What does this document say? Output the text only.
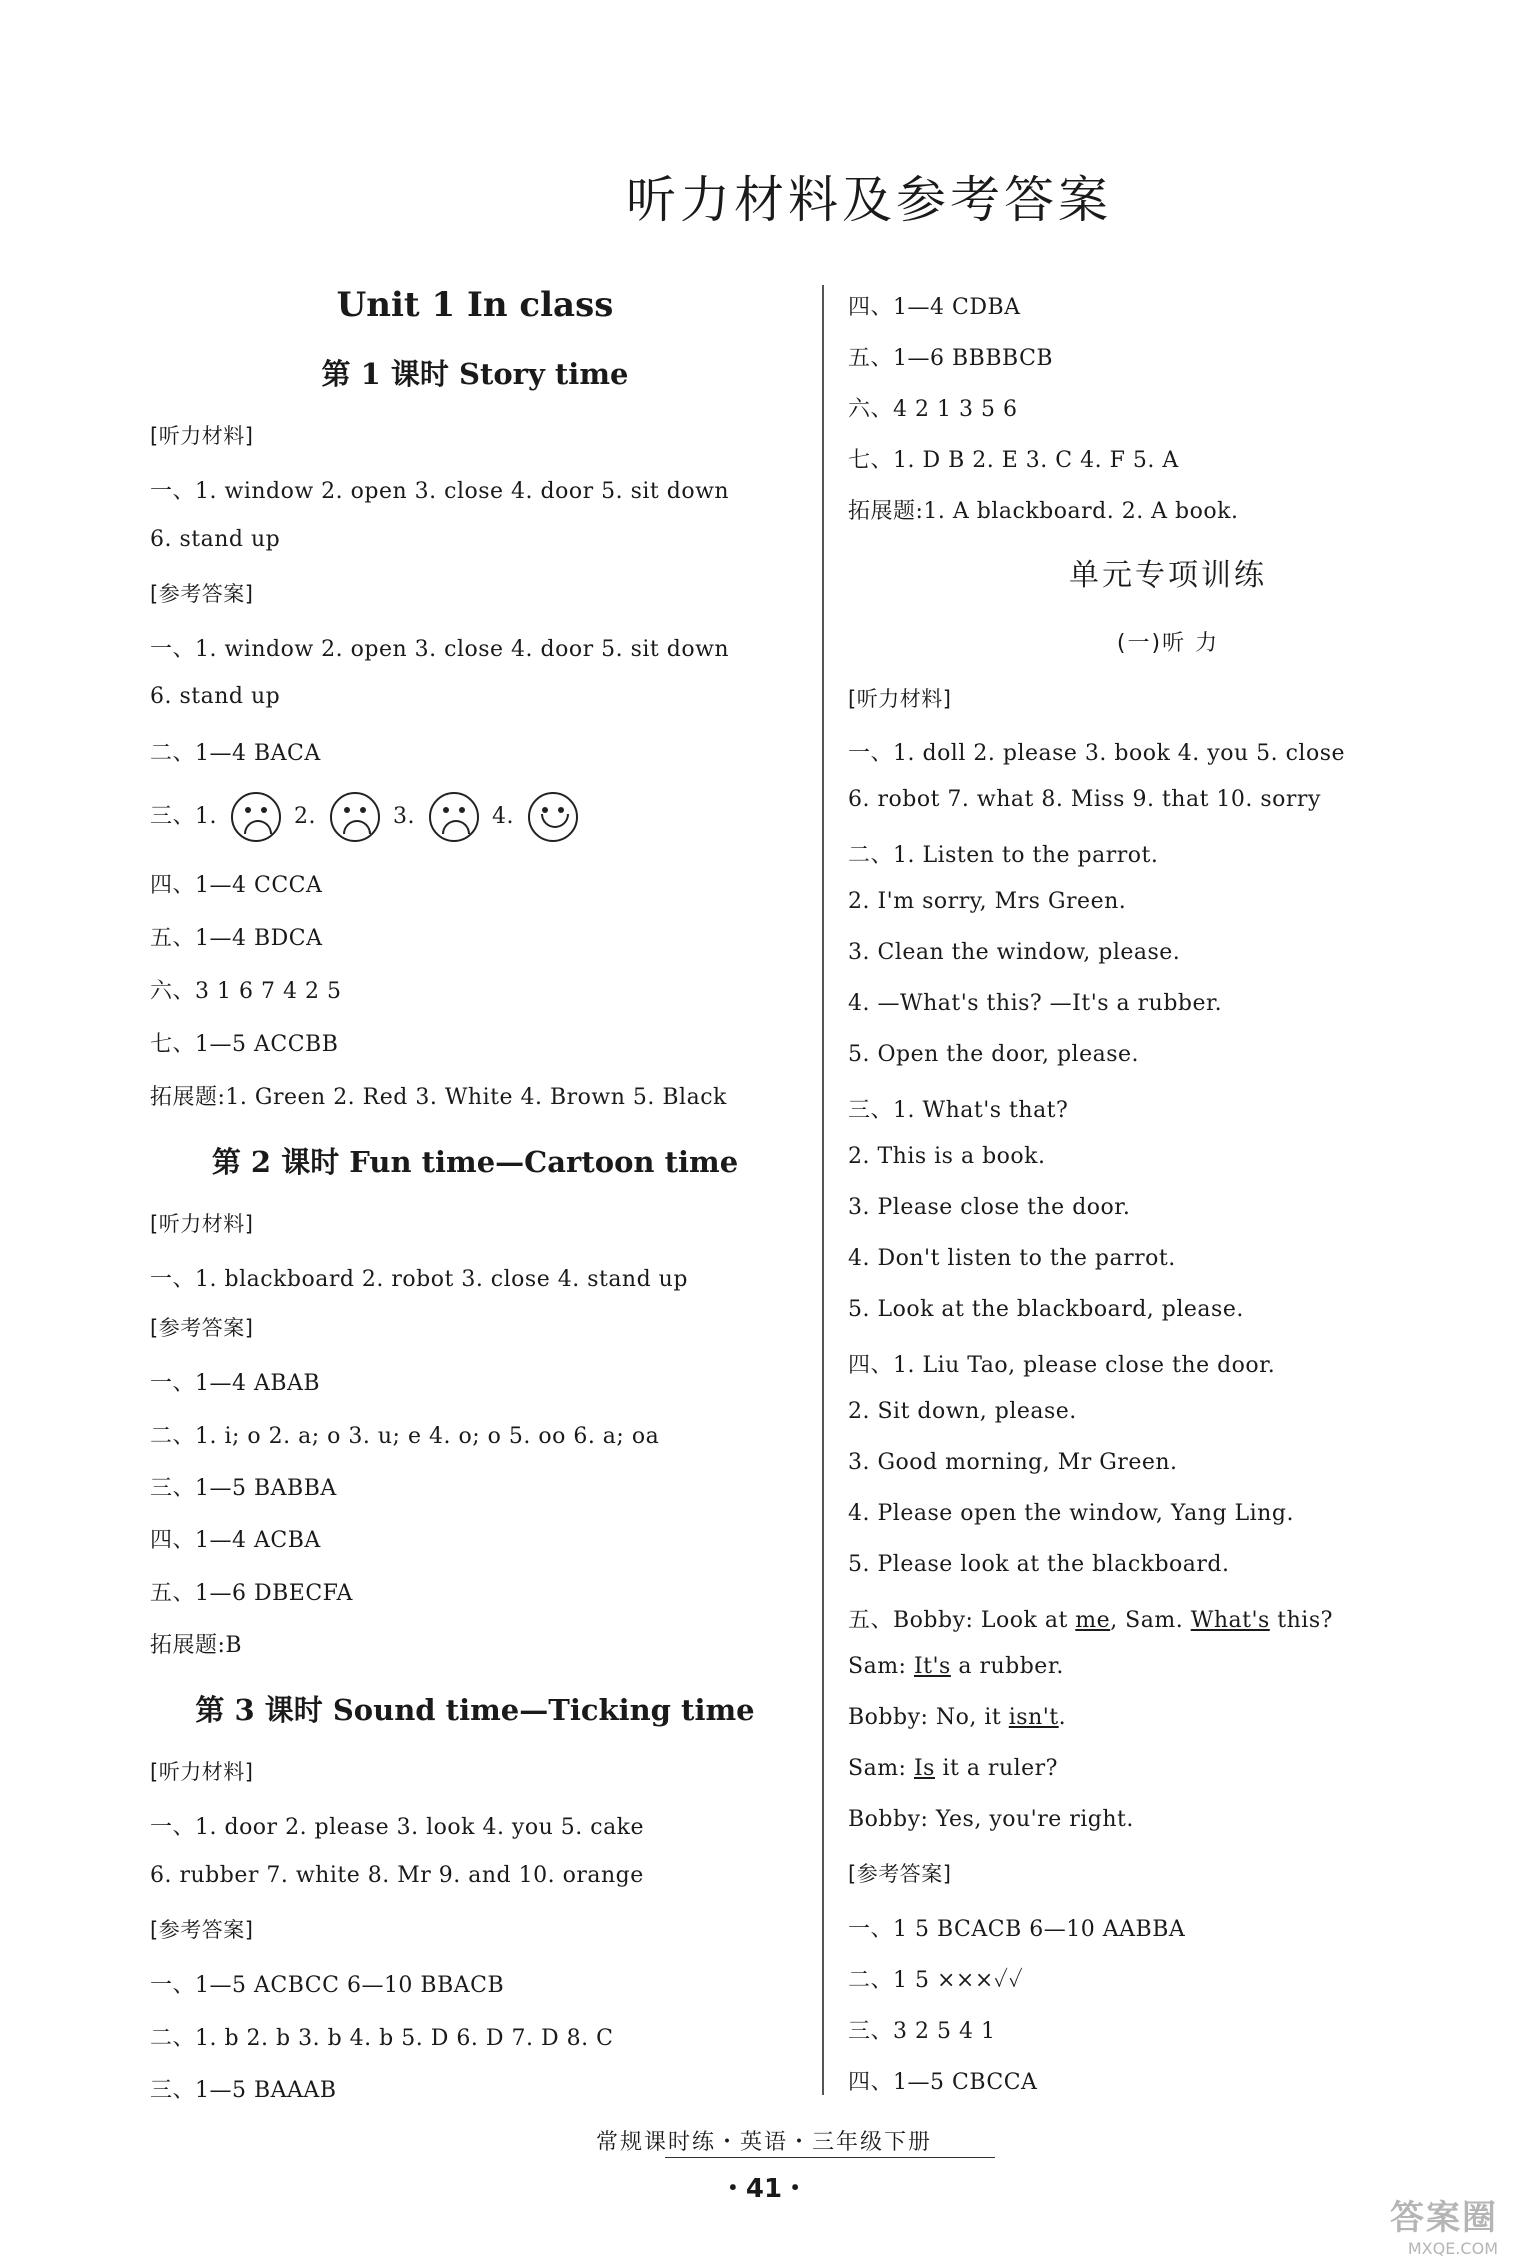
听力材料及参考答案
Unit 1 In class
第 1 课时 Story time
[听力材料]
一、1. window 2. open 3. close 4. door 5. sit down
6. stand up
[参考答案]
一、1. window 2. open 3. close 4. door 5. sit down
6. stand up
二、1—4 BACA
三、1.	2.	3.	4.
四、1—4 CCCA
五、1—4 BDCA
六、3 1 6 7 4 2 5
七、1—5 ACCBB
拓展题:1. Green 2. Red 3. White 4. Brown 5. Black
第 2 课时 Fun time—Cartoon time
[听力材料]
一、1. blackboard 2. robot 3. close 4. stand up
[参考答案]
一、1—4 ABAB
二、1. i; o 2. a; o 3. u; e 4. o; o 5. oo 6. a; oa
三、1—5 BABBA
四、1—4 ACBA
五、1—6 DBECFA
拓展题:B
第 3 课时 Sound time—Ticking time
[听力材料]
一、1. door 2. please 3. look 4. you 5. cake
6. rubber 7. white 8. Mr 9. and 10. orange
[参考答案]
一、1—5 ACBCC 6—10 BBACB
二、1. b 2. b 3. b 4. b 5. D 6. D 7. D 8. C
三、1—5 BAAAB
四、1—4 CDBA
五、1—6 BBBBCB
六、4 2 1 3 5 6
七、1. D B 2. E 3. C 4. F 5. A
拓展题:1. A blackboard. 2. A book.
单元专项训练
(一)听 力
[听力材料]
一、1. doll 2. please 3. book 4. you 5. close
6. robot 7. what 8. Miss 9. that 10. sorry
二、1. Listen to the parrot.
2. I'm sorry, Mrs Green.
3. Clean the window, please.
4. —What's this? —It's a rubber.
5. Open the door, please.
三、1. What's that?
2. This is a book.
3. Please close the door.
4. Don't listen to the parrot.
5. Look at the blackboard, please.
四、1. Liu Tao, please close the door.
2. Sit down, please.
3. Good morning, Mr Green.
4. Please open the window, Yang Ling.
5. Please look at the blackboard.
五、Bobby: Look at me, Sam. What's this?
Sam: It's a rubber.
Bobby: No, it isn't.
Sam: Is it a ruler?
Bobby: Yes, you're right.
[参考答案]
一、1 5 BCACB 6—10 AABBA
二、1 5 ×××✓✓
三、3 2 5 4 1
四、1—5 CBCCA
常规课时练・英语・三年级下册
・41・
答案圈
MXQE.COM
